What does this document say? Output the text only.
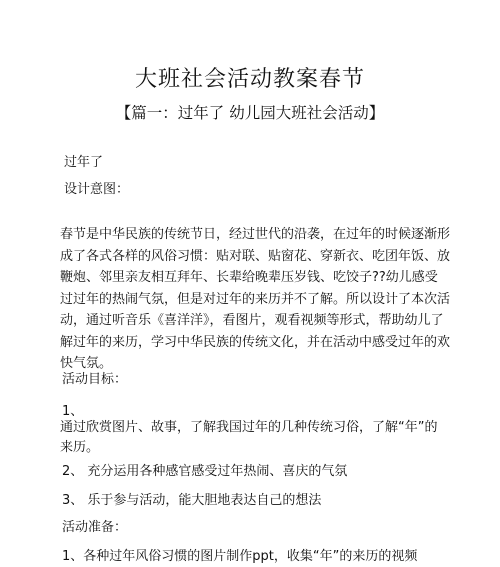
大班社会活动教案春节
【篇一：过年了 幼儿园大班社会活动】
过年了
设计意图：
春节是中华民族的传统节日，经过世代的沿袭，在过年的时候逐渐形成了各式各样的风俗习惯：贴对联、贴窗花、穿新衣、吃团年饭、放鞭炮、邻里亲友相互拜年、长辈给晚辈压岁钱、吃饺子??幼儿感受过过年的热闹气氛，但是对过年的来历并不了解。所以设计了本次活动，通过听音乐《喜洋洋》，看图片，观看视频等形式，帮助幼儿了解过年的来历，学习中华民族的传统文化，并在活动中感受过年的欢快气氛。
活动目标：
1、
通过欣赏图片、故事，了解我国过年的几种传统习俗，了解“年”的来历。
2、 充分运用各种感官感受过年热闹、喜庆的气氛
3、 乐于参与活动，能大胆地表达自己的想法
活动准备：
1、各种过年风俗习惯的图片制作ppt，收集“年”的来历的视频
